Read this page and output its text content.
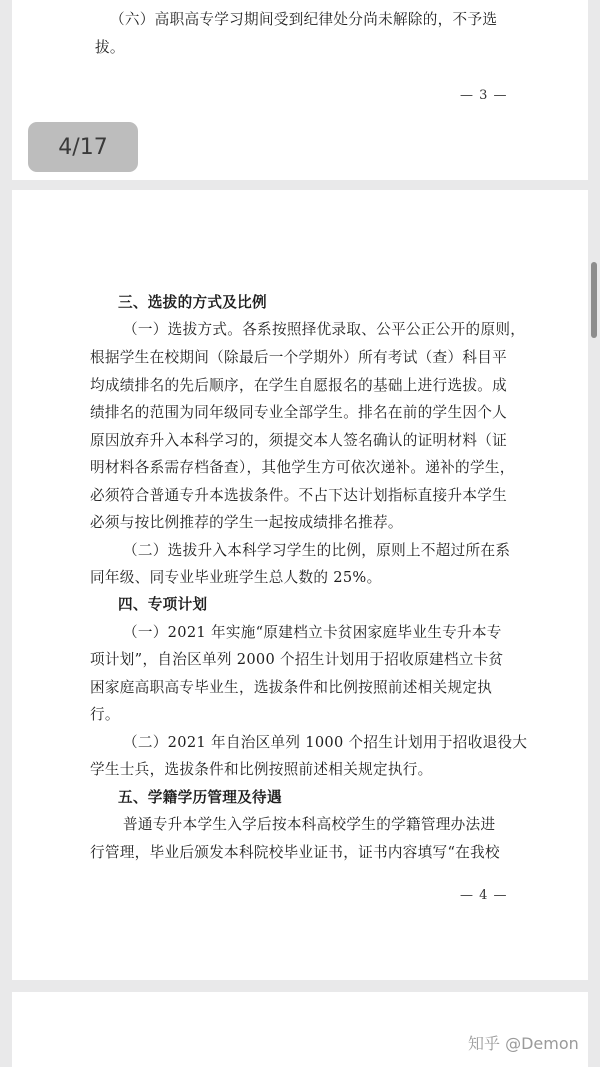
（六）高职高专学习期间受到纪律处分尚未解除的，不予选
拔。
— 3 —
4/17
三、选拔的方式及比例
（一）选拔方式。各系按照择优录取、公平公正公开的原则，
根据学生在校期间（除最后一个学期外）所有考试（查）科目平
均成绩排名的先后顺序，在学生自愿报名的基础上进行选拔。成
绩排名的范围为同年级同专业全部学生。排名在前的学生因个人
原因放弃升入本科学习的，须提交本人签名确认的证明材料（证
明材料各系需存档备查），其他学生方可依次递补。递补的学生，
必须符合普通专升本选拔条件。不占下达计划指标直接升本学生
必须与按比例推荐的学生一起按成绩排名推荐。
（二）选拔升入本科学习学生的比例，原则上不超过所在系
同年级、同专业毕业班学生总人数的 25%。
四、专项计划
（一）2021 年实施“原建档立卡贫困家庭毕业生专升本专
项计划”，自治区单列 2000 个招生计划用于招收原建档立卡贫
困家庭高职高专毕业生，选拔条件和比例按照前述相关规定执
行。
（二）2021 年自治区单列 1000 个招生计划用于招收退役大
学生士兵，选拔条件和比例按照前述相关规定执行。
五、学籍学历管理及待遇
普通专升本学生入学后按本科高校学生的学籍管理办法进
行管理，毕业后颁发本科院校毕业证书，证书内容填写“在我校
— 4 —
知乎 @Demon
